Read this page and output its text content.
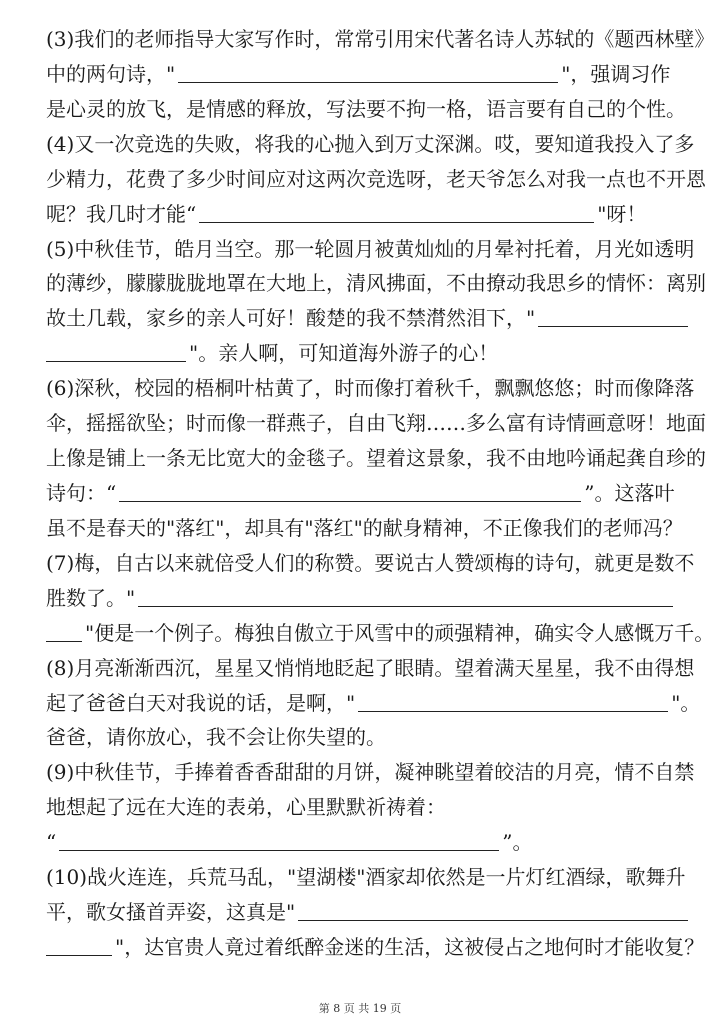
(3)我们的老师指导大家写作时，常常引用宋代著名诗人苏轼的《题西林壁》
中的两句诗，"	"，强调习作
是心灵的放飞，是情感的释放，写法要不拘一格，语言要有自己的个性。
(4)又一次竞选的失败，将我的心抛入到万丈深渊。哎，要知道我投入了多
少精力，花费了多少时间应对这两次竞选呀，老天爷怎么对我一点也不开恩
呢？我几时才能“	"呀！
(5)中秋佳节，皓月当空。那一轮圆月被黄灿灿的月晕衬托着，月光如透明
的薄纱，朦朦胧胧地罩在大地上，清风拂面，不由撩动我思乡的情怀：离别
故土几载，家乡的亲人可好！酸楚的我不禁潸然泪下，"
"。亲人啊，可知道海外游子的心！
(6)深秋，校园的梧桐叶枯黄了，时而像打着秋千，飘飘悠悠；时而像降落
伞，摇摇欲坠；时而像一群燕子，自由飞翔……多么富有诗情画意呀！地面
上像是铺上一条无比宽大的金毯子。望着这景象，我不由地吟诵起龚自珍的
诗句：“	”。这落叶
虽不是春天的"落红"，却具有"落红"的献身精神，不正像我们的老师冯？
(7)梅，自古以来就倍受人们的称赞。要说古人赞颂梅的诗句，就更是数不
胜数了。"
"便是一个例子。梅独自傲立于风雪中的顽强精神，确实令人感慨万千。
(8)月亮渐渐西沉，星星又悄悄地眨起了眼睛。望着满天星星，我不由得想
起了爸爸白天对我说的话，是啊，"	"。
爸爸，请你放心，我不会让你失望的。
(9)中秋佳节，手捧着香香甜甜的月饼，凝神眺望着皎洁的月亮，情不自禁
地想起了远在大连的表弟，心里默默祈祷着：
“	”。
(10)战火连连，兵荒马乱，"望湖楼"酒家却依然是一片灯红酒绿，歌舞升
平，歌女搔首弄姿，这真是"
"，达官贵人竟过着纸醉金迷的生活，这被侵占之地何时才能收复？
第 8 页 共 19 页
